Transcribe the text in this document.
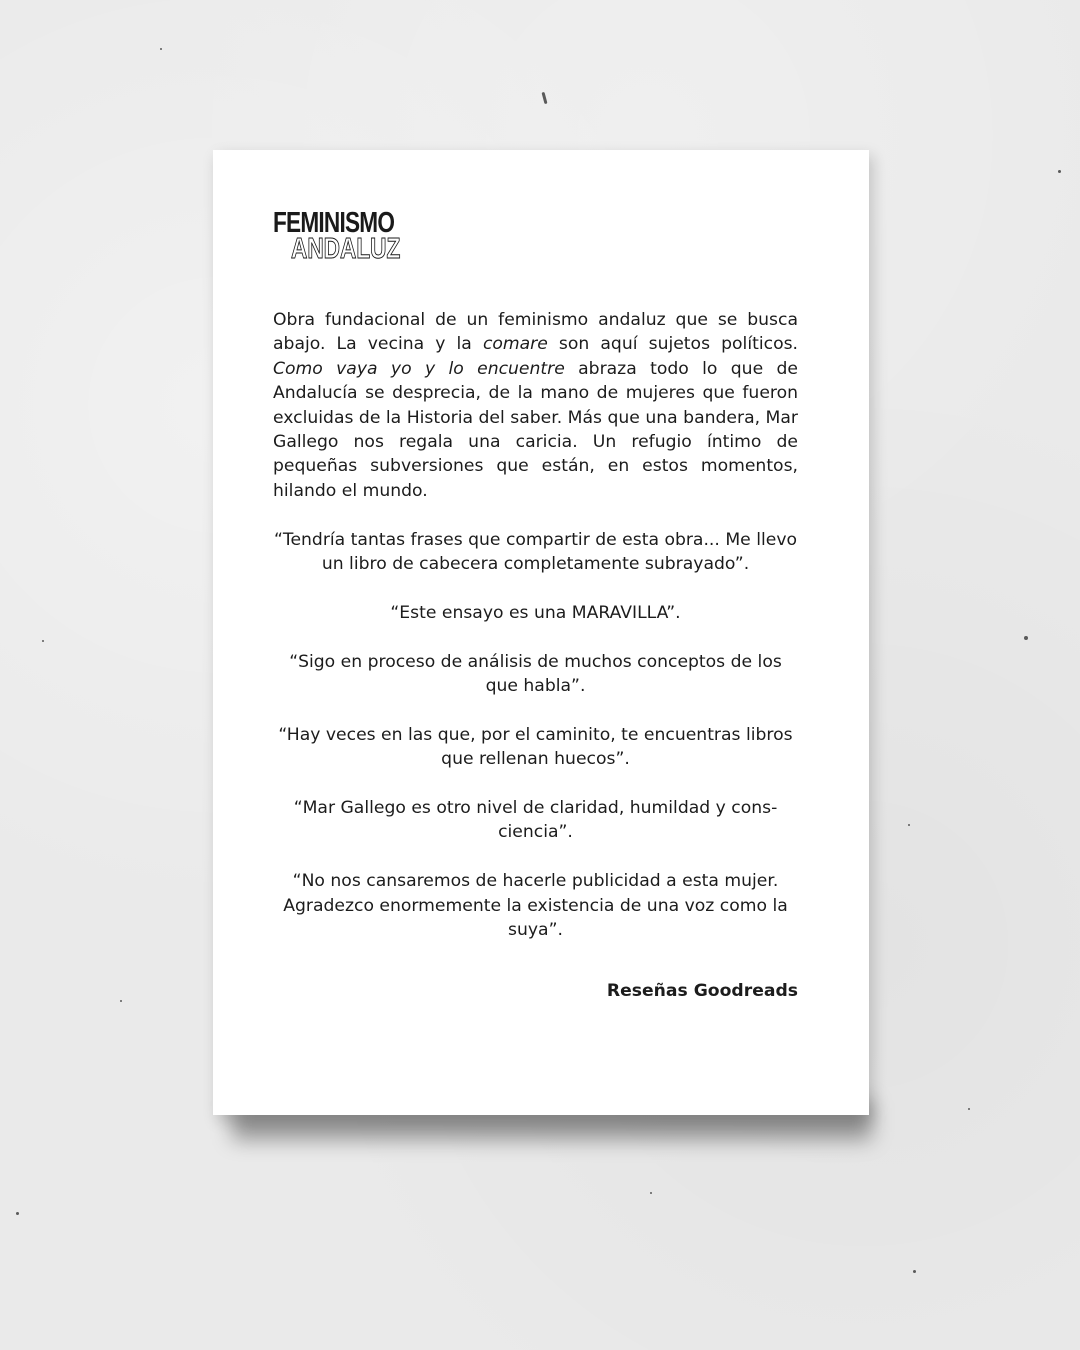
FEMINISMO
ANDALUZ

Obra fundacional de un feminismo andaluz que se busca abajo. La vecina y la comare son aquí sujetos políticos. Como vaya yo y lo encuentre abraza todo lo que de Andalucía se desprecia, de la mano de mujeres que fueron excluidas de la Historia del saber. Más que una bandera, Mar Gallego nos regala una caricia. Un refugio íntimo de pequeñas subversiones que están, en estos momentos, hilando el mundo.

“Tendría tantas frases que compartir de esta obra... Me llevo un libro de cabecera completamente subrayado”.

“Este ensayo es una MARAVILLA”.

“Sigo en proceso de análisis de muchos conceptos de los que habla”.

“Hay veces en las que, por el caminito, te encuentras libros que rellenan huecos”.

“Mar Gallego es otro nivel de claridad, humildad y cons-ciencia”.

“No nos cansaremos de hacerle publicidad a esta mujer. Agradezco enormemente la existencia de una voz como la suya”.

Reseñas Goodreads
